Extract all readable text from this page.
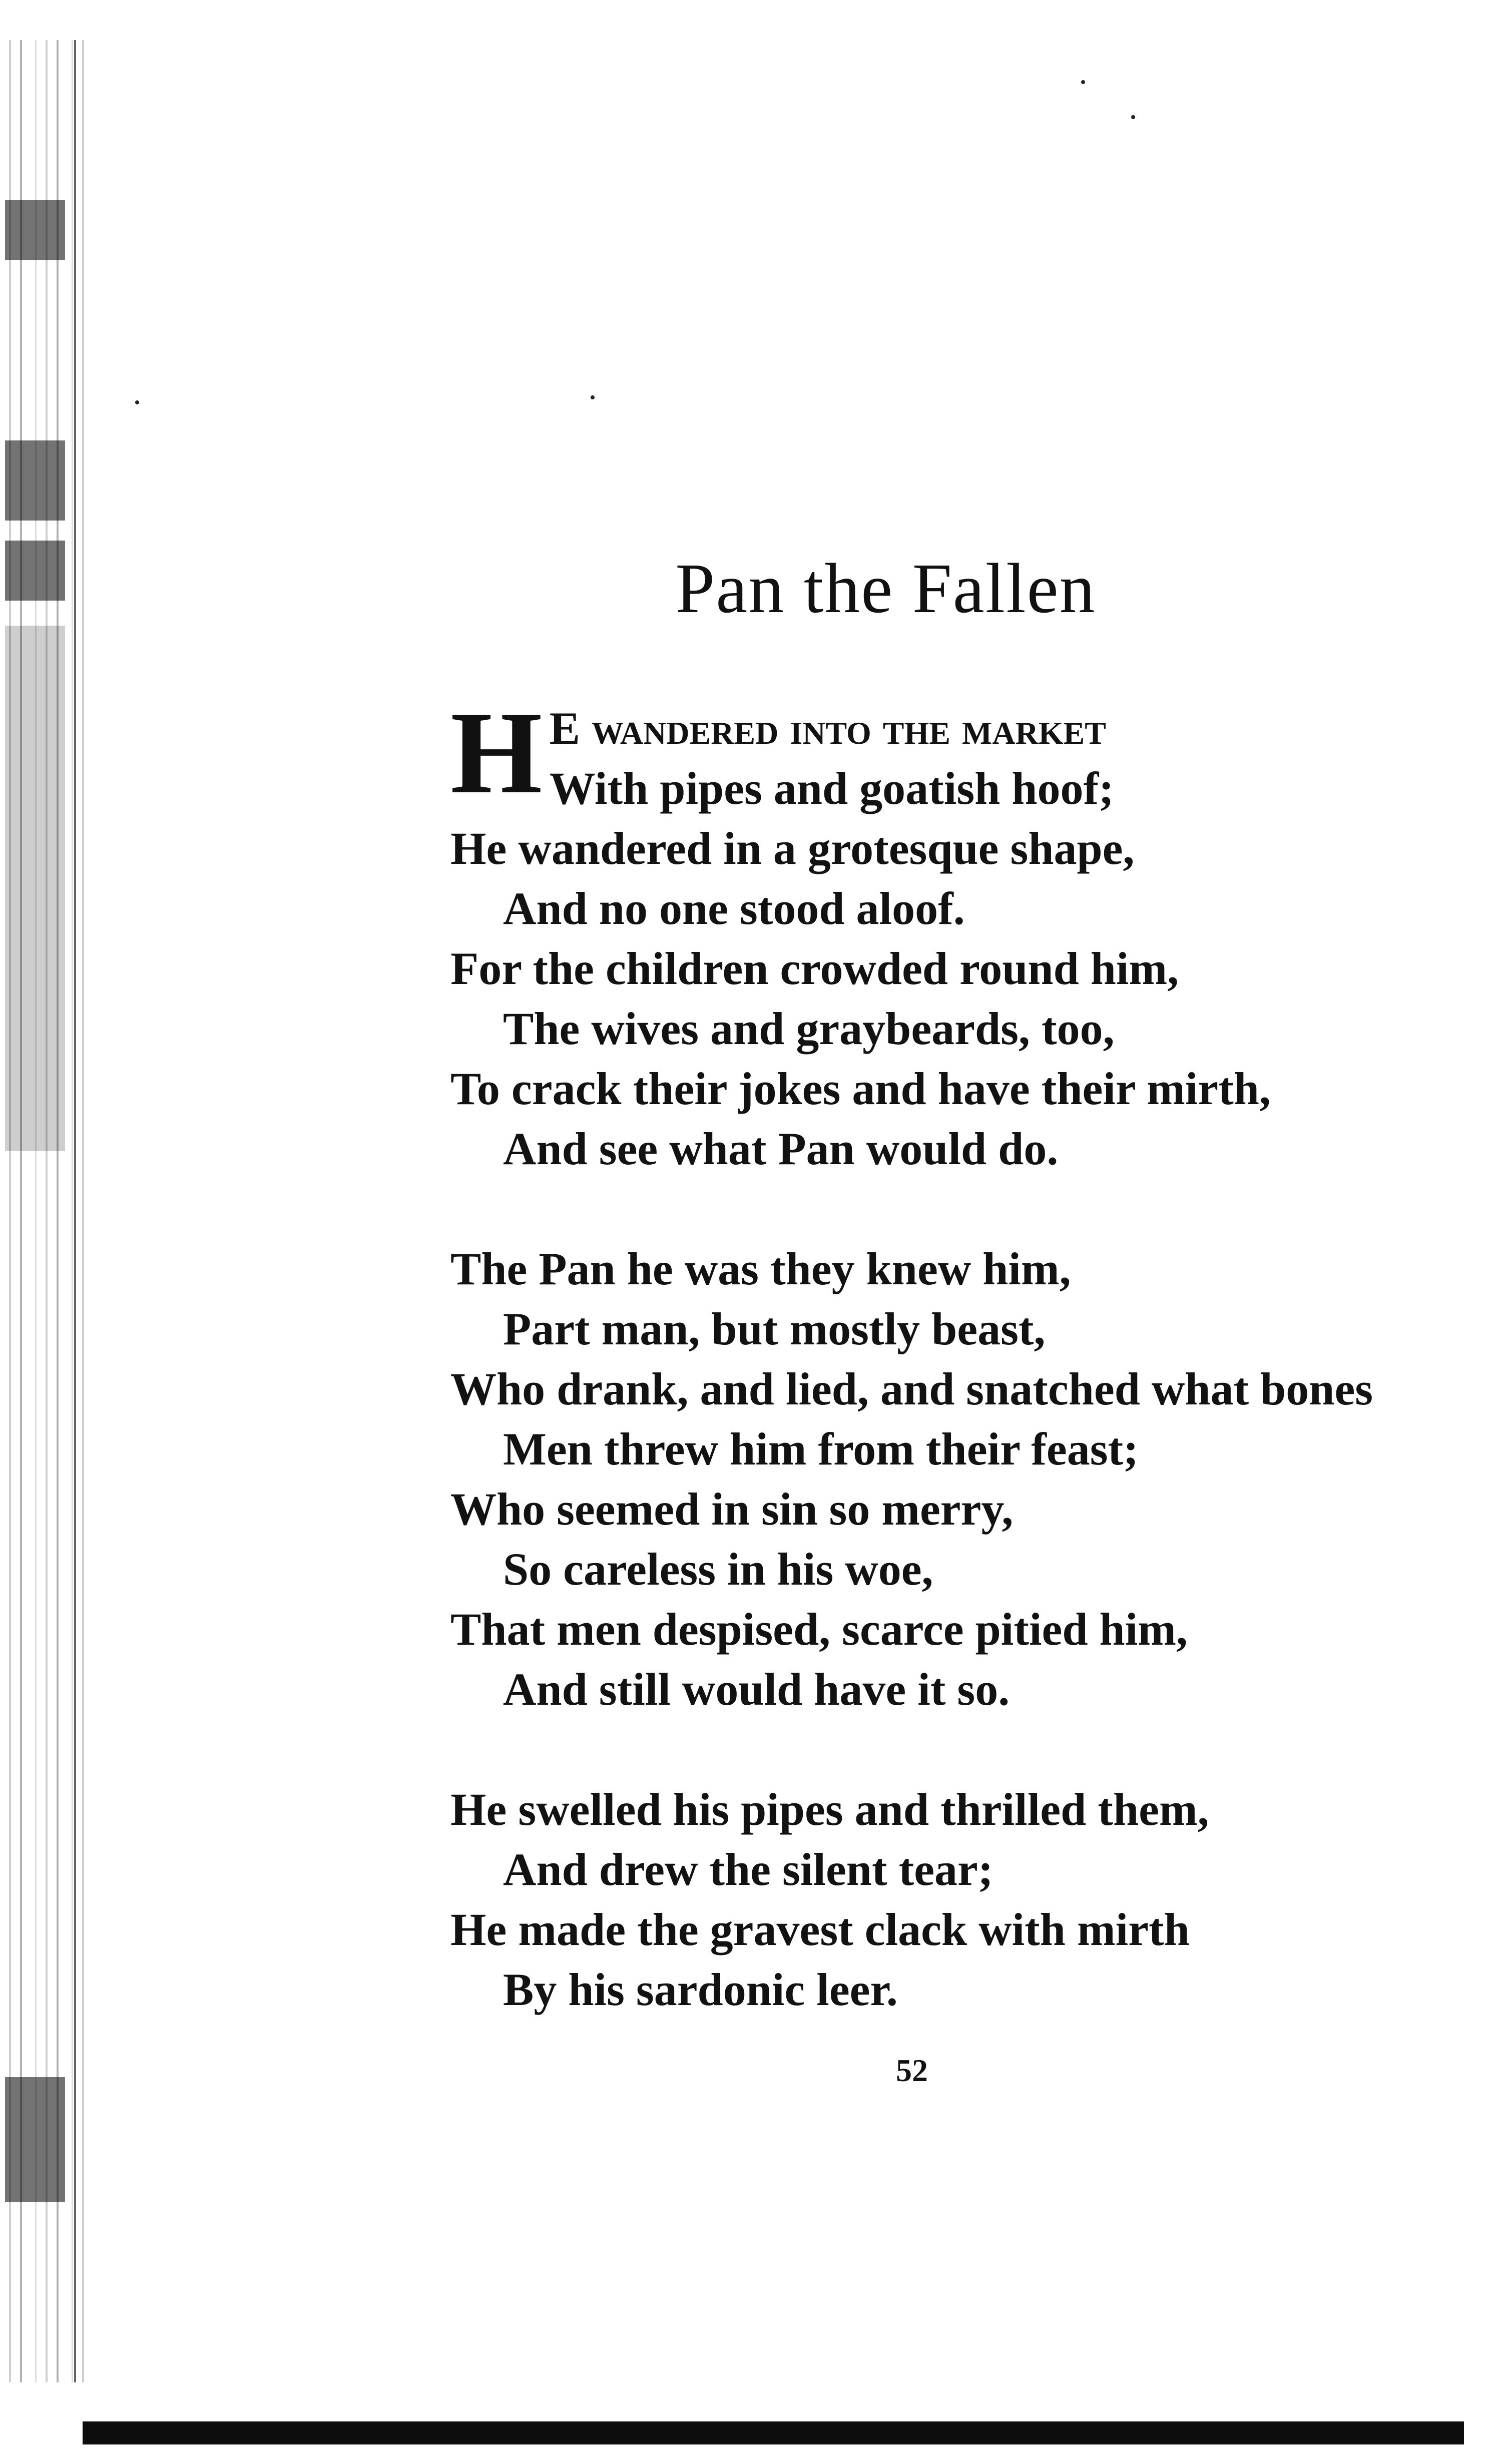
Pan the Fallen
H E wandered into the market
With pipes and goatish hoof;
He wandered in a grotesque shape,
And no one stood aloof.
For the children crowded round him,
The wives and graybeards, too,
To crack their jokes and have their mirth,
And see what Pan would do.
The Pan he was they knew him,
Part man, but mostly beast,
Who drank, and lied, and snatched what bones
Men threw him from their feast;
Who seemed in sin so merry,
So careless in his woe,
That men despised, scarce pitied him,
And still would have it so.
He swelled his pipes and thrilled them,
And drew the silent tear;
He made the gravest clack with mirth
By his sardonic leer.
52
